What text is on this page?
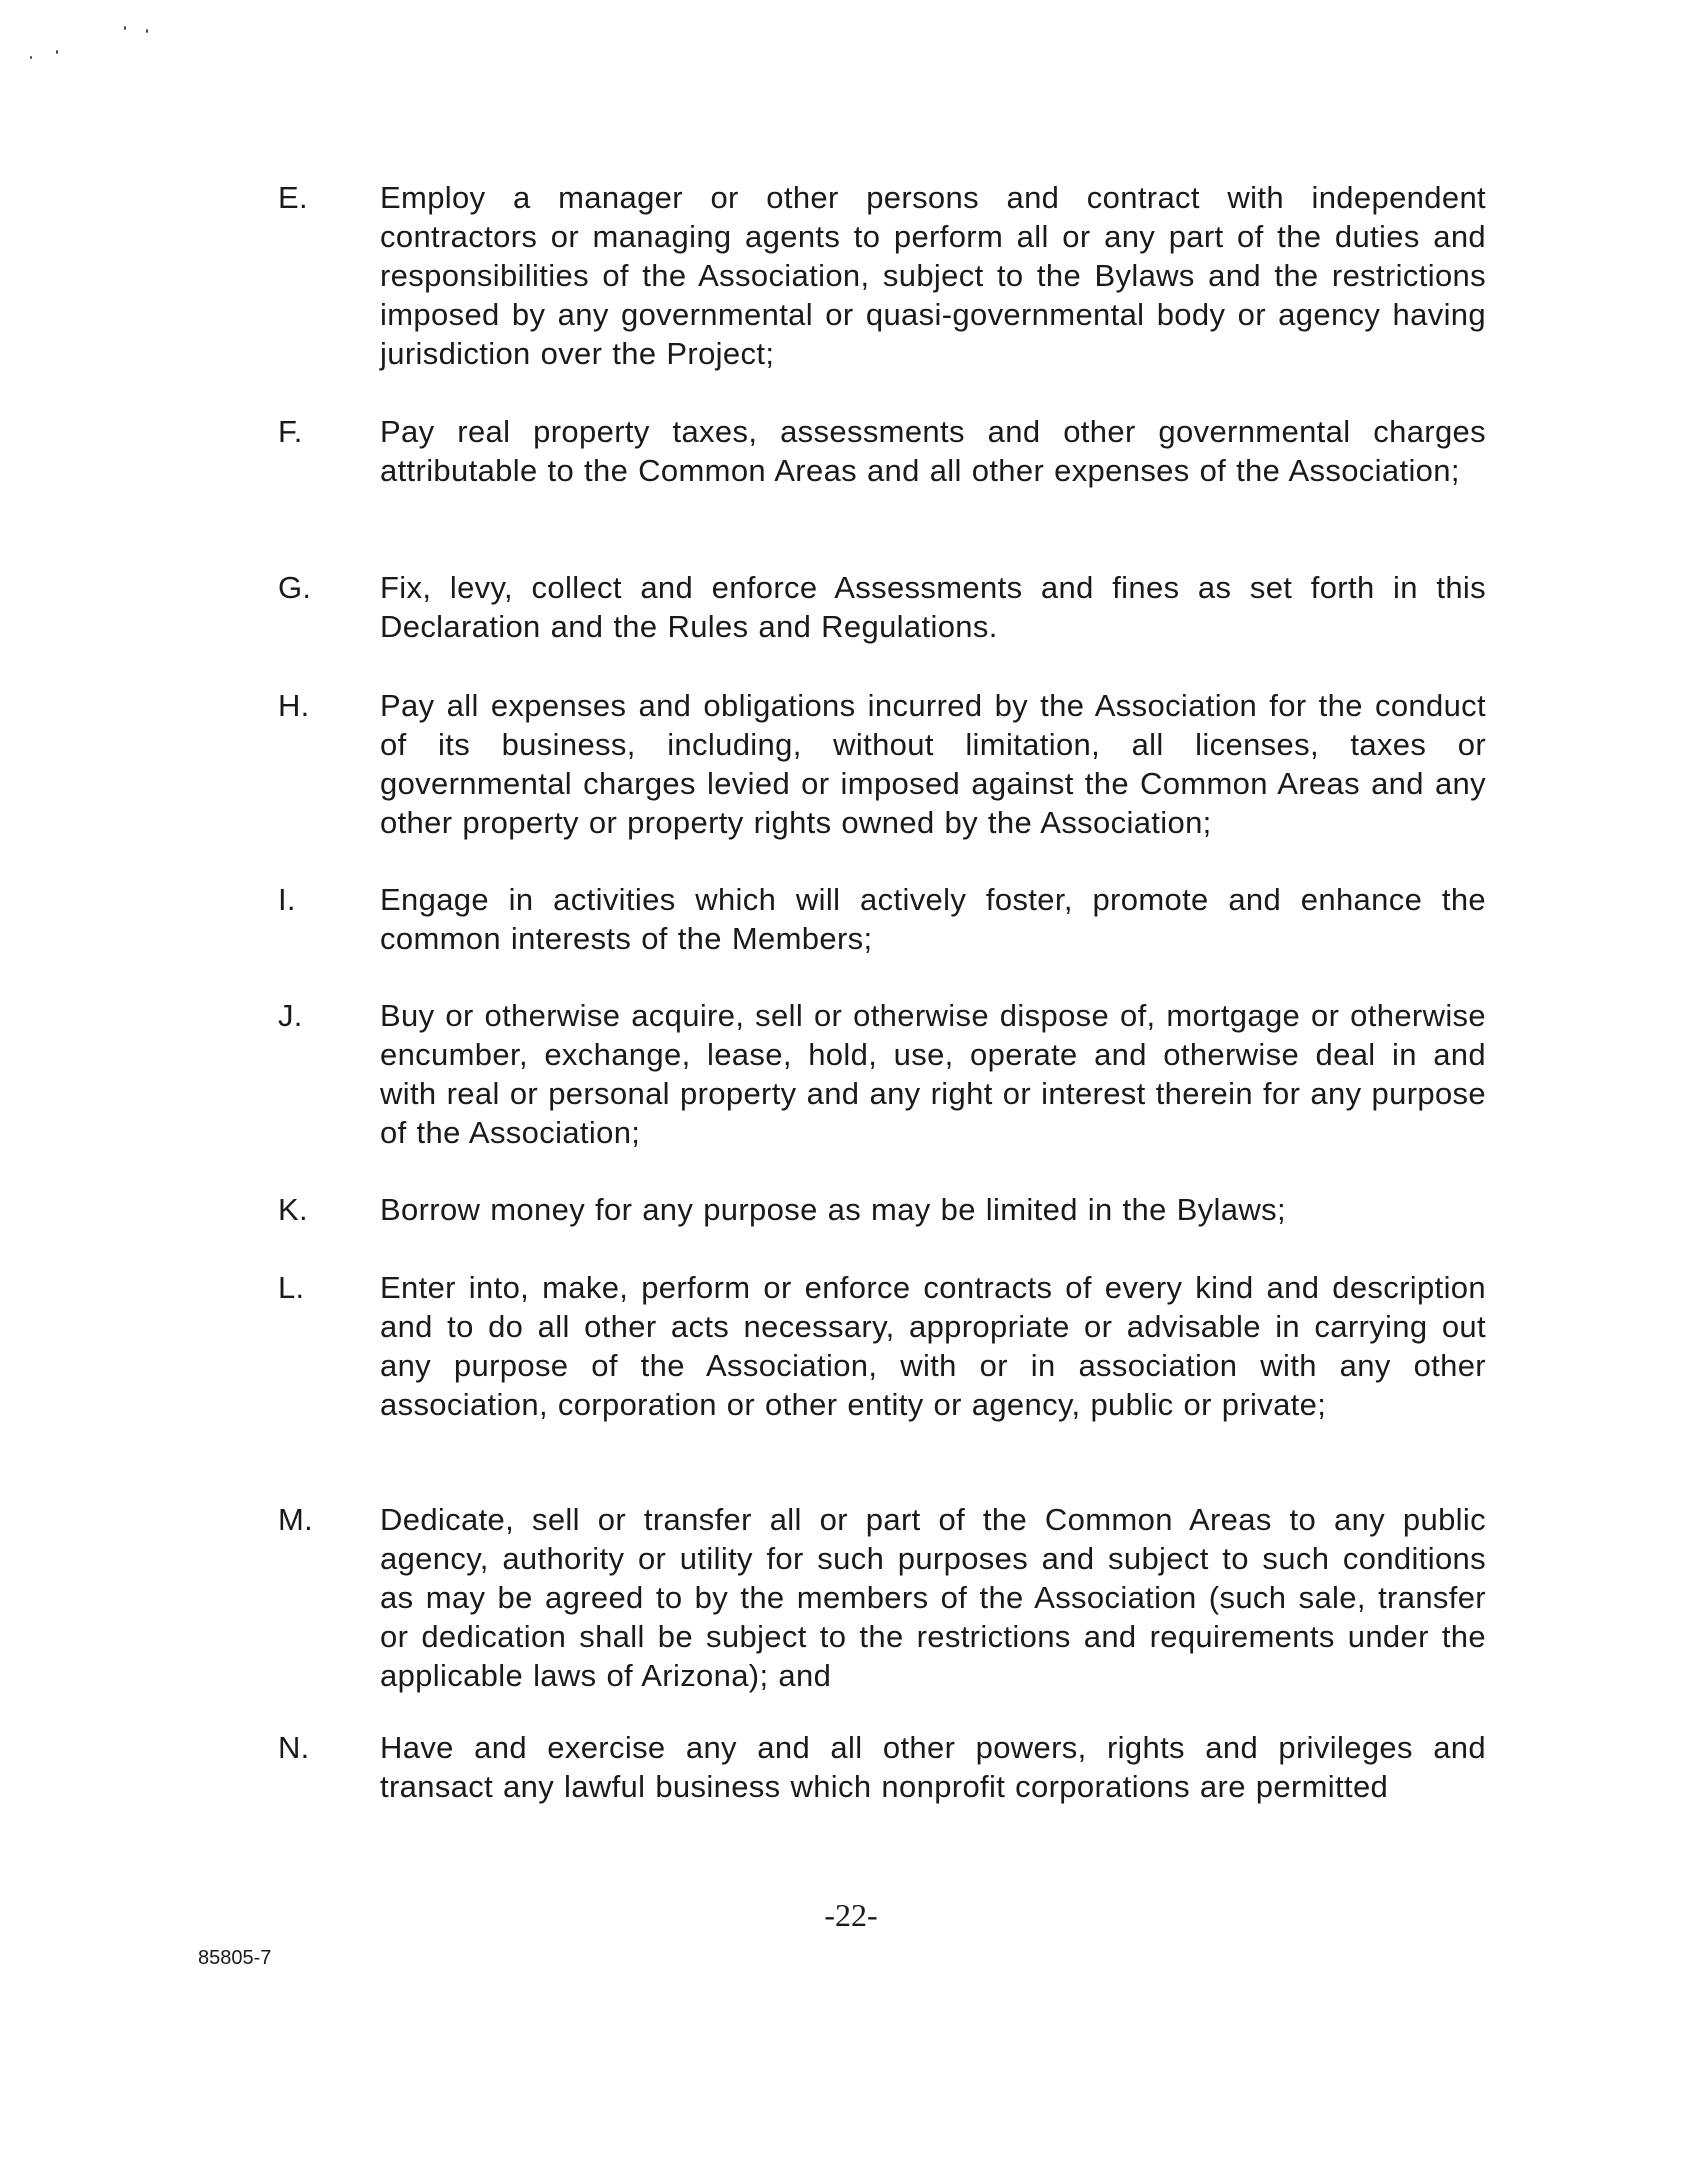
E. Employ a manager or other persons and contract with independent contractors or managing agents to perform all or any part of the duties and responsibilities of the Association, subject to the Bylaws and the restrictions imposed by any governmental or quasi-governmental body or agency having jurisdiction over the Project;
F. Pay real property taxes, assessments and other governmental charges attributable to the Common Areas and all other expenses of the Association;
G. Fix, levy, collect and enforce Assessments and fines as set forth in this Declaration and the Rules and Regulations.
H. Pay all expenses and obligations incurred by the Association for the conduct of its business, including, without limitation, all licenses, taxes or governmental charges levied or imposed against the Common Areas and any other property or property rights owned by the Association;
I.	Engage in activities which will actively foster, promote and enhance the common interests of the Members;
J. Buy or otherwise acquire, sell or otherwise dispose of, mortgage or otherwise encumber, exchange, lease, hold, use, operate and otherwise deal in and with real or personal property and any right or interest therein for any purpose of the Association;
K. Borrow money for any purpose as may be limited in the Bylaws;
L. Enter into, make, perform or enforce contracts of every kind and description and to do all other acts necessary, appropriate or advisable in carrying out any purpose of the Association, with or in association with any other association, corporation or other entity or agency, public or private;
M. Dedicate, sell or transfer all or part of the Common Areas to any public agency, authority or utility for such purposes and subject to such conditions as may be agreed to by the members of the Association (such sale, transfer or dedication shall be subject to the restrictions and requirements under the applicable laws of Arizona); and
N. Have and exercise any and all other powers, rights and privileges and transact any lawful business which nonprofit corporations are permitted
-22-
85805-7
